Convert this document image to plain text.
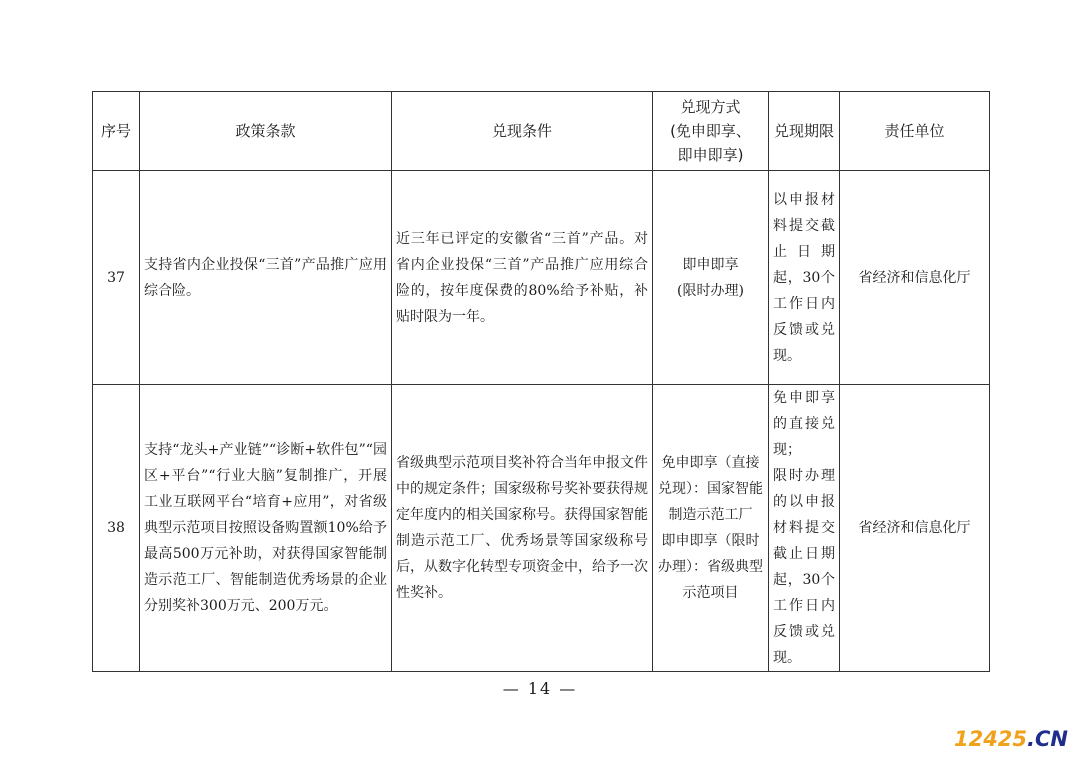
序号	政策条款	兑现条件	兑现方式
(免申即享、
即申即享)	兑现期限	责任单位
37	支持省内企业投保“三首”产品推广应用综合险。	近三年已评定的安徽省“三首”产品。对省内企业投保“三首”产品推广应用综合险的，按年度保费的80%给予补贴，补贴时限为一年。	即申即享
(限时办理)	以申报材料提交截止日期起，30个工作日内反馈或兑现。	省经济和信息化厅
38	支持“龙头+产业链”“诊断+软件包”“园区+平台”“行业大脑”复制推广，开展工业互联网平台“培育+应用”，对省级典型示范项目按照设备购置额10%给予最高500万元补助，对获得国家智能制造示范工厂、智能制造优秀场景的企业分别奖补300万元、200万元。	省级典型示范项目奖补符合当年申报文件中的规定条件；国家级称号奖补要获得规定年度内的相关国家称号。获得国家智能制造示范工厂、优秀场景等国家级称号后，从数字化转型专项资金中，给予一次性奖补。	免申即享（直接兑现）：国家智能制造示范工厂
即申即享（限时办理）：省级典型示范项目	免申即享的直接兑现；
限时办理的以申报材料提交截止日期起，30个工作日内反馈或兑现。	省经济和信息化厅
— 14 —
12425.CN
